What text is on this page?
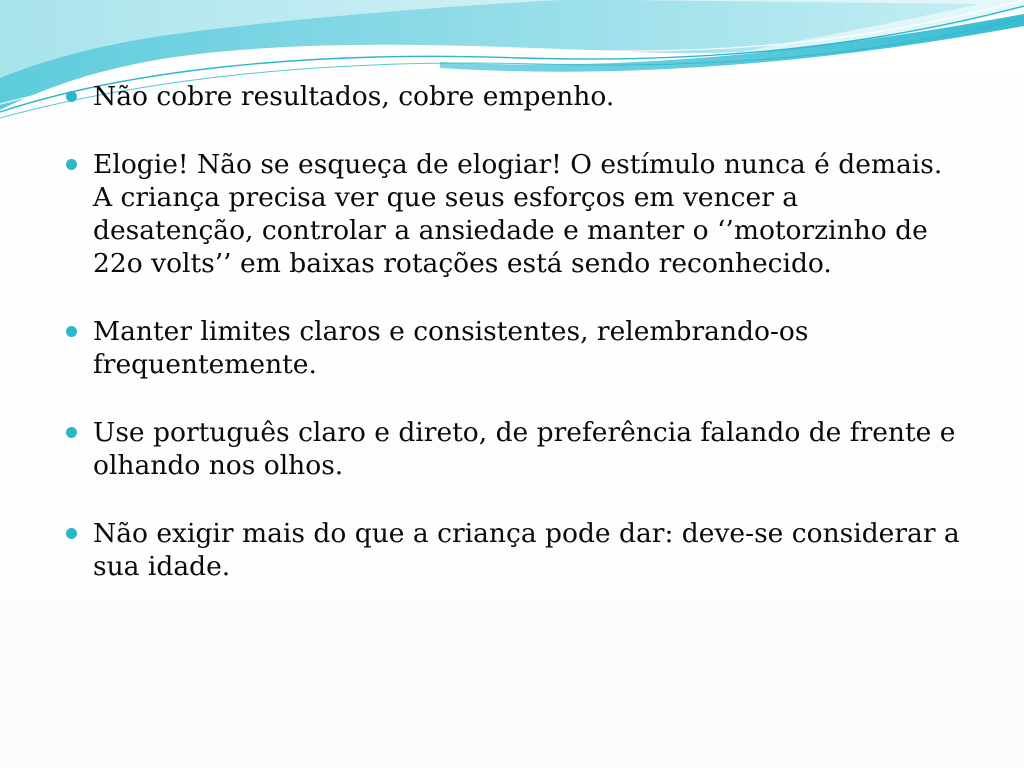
Não cobre resultados, cobre empenho.
Elogie! Não se esqueça de elogiar! O estímulo nunca é demais. A criança precisa ver que seus esforços em vencer a desatenção, controlar a ansiedade e manter o ‘’motorzinho de 22o volts’’ em baixas rotações está sendo reconhecido.
Manter limites claros e consistentes, relembrando-os frequentemente.
Use português claro e direto, de preferência falando de frente e olhando nos olhos.
Não exigir mais do que a criança pode dar: deve-se considerar a sua idade.
